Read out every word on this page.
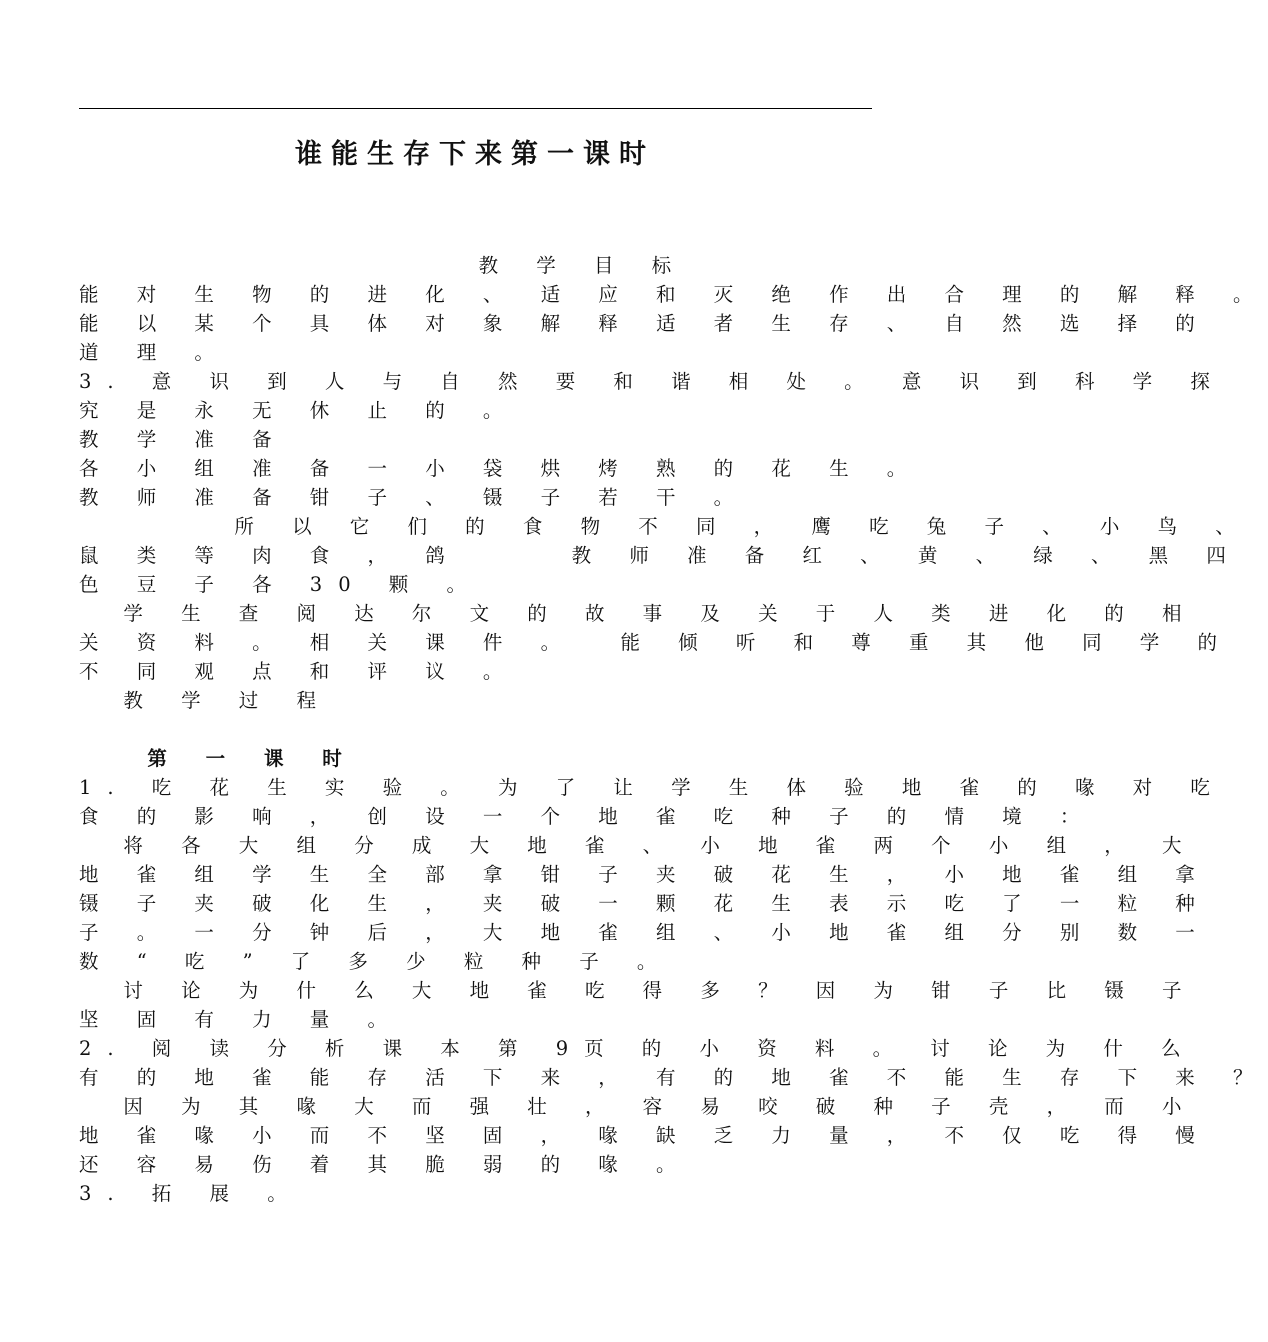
谁能生存下来第一课时
教 学 目 标
能 对 生 物 的 进 化 、 适 应 和 灭 绝 作 出 合 理 的 解 释 。
能 以 某 个 具 体 对 象 解 释 适 者 生 存 、 自 然 选 择 的
道 理 。
3. 意 识 到 人 与 自 然 要 和 谐 相 处 。 意 识 到 科 学 探
究 是 永 无 休 止 的 。
教 学 准 备
各 小 组 准 备 一 小 袋 烘 烤 熟 的 花 生 。
教 师 准 备 钳 子 、 镊 子 若 干 。
所 以 它 们 的 食 物 不 同 ， 鹰 吃 兔 子 、 小 鸟 、
鼠 类 等 肉 食 ， 鸽     教 师 准 备 红 、 黄 、 绿 、 黑 四
色 豆 子 各 30 颗 。
学 生 查 阅 达 尔 文 的 故 事 及 关 于 人 类 进 化 的 相
关 资 料 。 相 关 课 件 。  能 倾 听 和 尊 重 其 他 同 学 的
不 同 观 点 和 评 议 。
教 学 过 程
第 一 课 时
1. 吃 花 生 实 验 。 为 了 让 学 生 体 验 地 雀 的 喙 对 吃
食 的 影 响 ， 创 设 一 个 地 雀 吃 种 子 的 情 境 ：
将 各 大 组 分 成 大 地 雀 、 小 地 雀 两 个 小 组 ， 大
地 雀 组 学 生 全 部 拿 钳 子 夹 破 花 生 ， 小 地 雀 组 拿
镊 子 夹 破 化 生 ， 夹 破 一 颗 花 生 表 示 吃 了 一 粒 种
子 。 一 分 钟 后 ， 大 地 雀 组 、 小 地 雀 组 分 别 数 一
数 “ 吃 ” 了 多 少 粒 种 子 。
讨 论 为 什 么 大 地 雀 吃 得 多 ？ 因 为 钳 子 比 镊 子
坚 固 有 力 量 。
2. 阅 读 分 析 课 本 第 9页 的 小 资 料 。 讨 论 为 什 么
有 的 地 雀 能 存 活 下 来 ， 有 的 地 雀 不 能 生 存 下 来 ？
因 为 其 喙 大 而 强 壮 ， 容 易 咬 破 种 子 壳 ， 而 小
地 雀 喙 小 而 不 坚 固 ， 喙 缺 乏 力 量 ， 不 仅 吃 得 慢
还 容 易 伤 着 其 脆 弱 的 喙 。
3. 拓 展 。
